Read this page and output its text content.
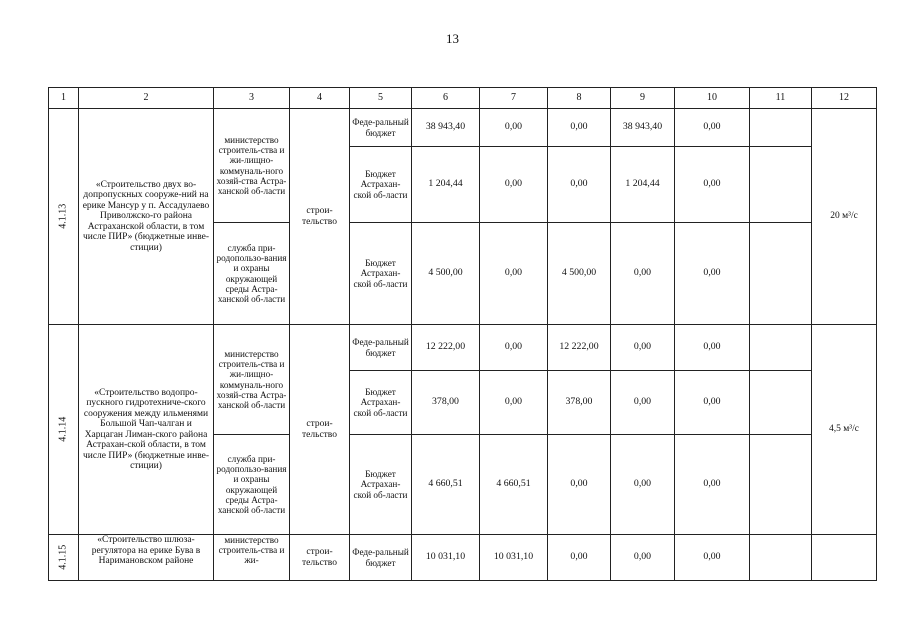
13
1	2	3	4	5	6	7	8	9	10	11	12
4.1.13	«Строительство двух во-допропускных сооруже-ний на ерике Мансур у п. Ассадулаево Приволжско-го района Астраханской области, в том числе ПИР» (бюджетные инве-стиции)	министерство строитель-ства и жи-лищно-коммуналь-ного хозяй-ства Астра-ханской об-ласти	строи-тельство	Феде-ральный бюджет	38 943,40	0,00	0,00	38 943,40	0,00		20 м³/с
				Бюджет Астрахан-ской об-ласти	1 204,44	0,00	0,00	1 204,44	0,00		
		служба при-родопользо-вания и охраны окружающей среды Астра-ханской об-ласти		Бюджет Астрахан-ской об-ласти	4 500,00	0,00	4 500,00	0,00	0,00		
4.1.14	«Строительство водопро-пускного гидротехниче-ского сооружения между ильменями Большой Чап-чалган и Харцаган Лиман-ского района Астрахан-ской области, в том числе ПИР» (бюджетные инве-стиции)	министерство строитель-ства и жи-лищно-коммуналь-ного хозяй-ства Астра-ханской об-ласти	строи-тельство	Феде-ральный бюджет	12 222,00	0,00	12 222,00	0,00	0,00		4,5 м³/с
				Бюджет Астрахан-ской об-ласти	378,00	0,00	378,00	0,00	0,00		
		служба при-родопользо-вания и охраны окружающей среды Астра-ханской об-ласти		Бюджет Астрахан-ской об-ласти	4 660,51	4 660,51	0,00	0,00	0,00		
4.1.15	«Строительство шлюза-регулятора на ерике Бува в Наримановском районе	министерство строитель-ства и жи-	строи-тельство	Феде-ральный бюджет	10 031,10	10 031,10	0,00	0,00	0,00		
